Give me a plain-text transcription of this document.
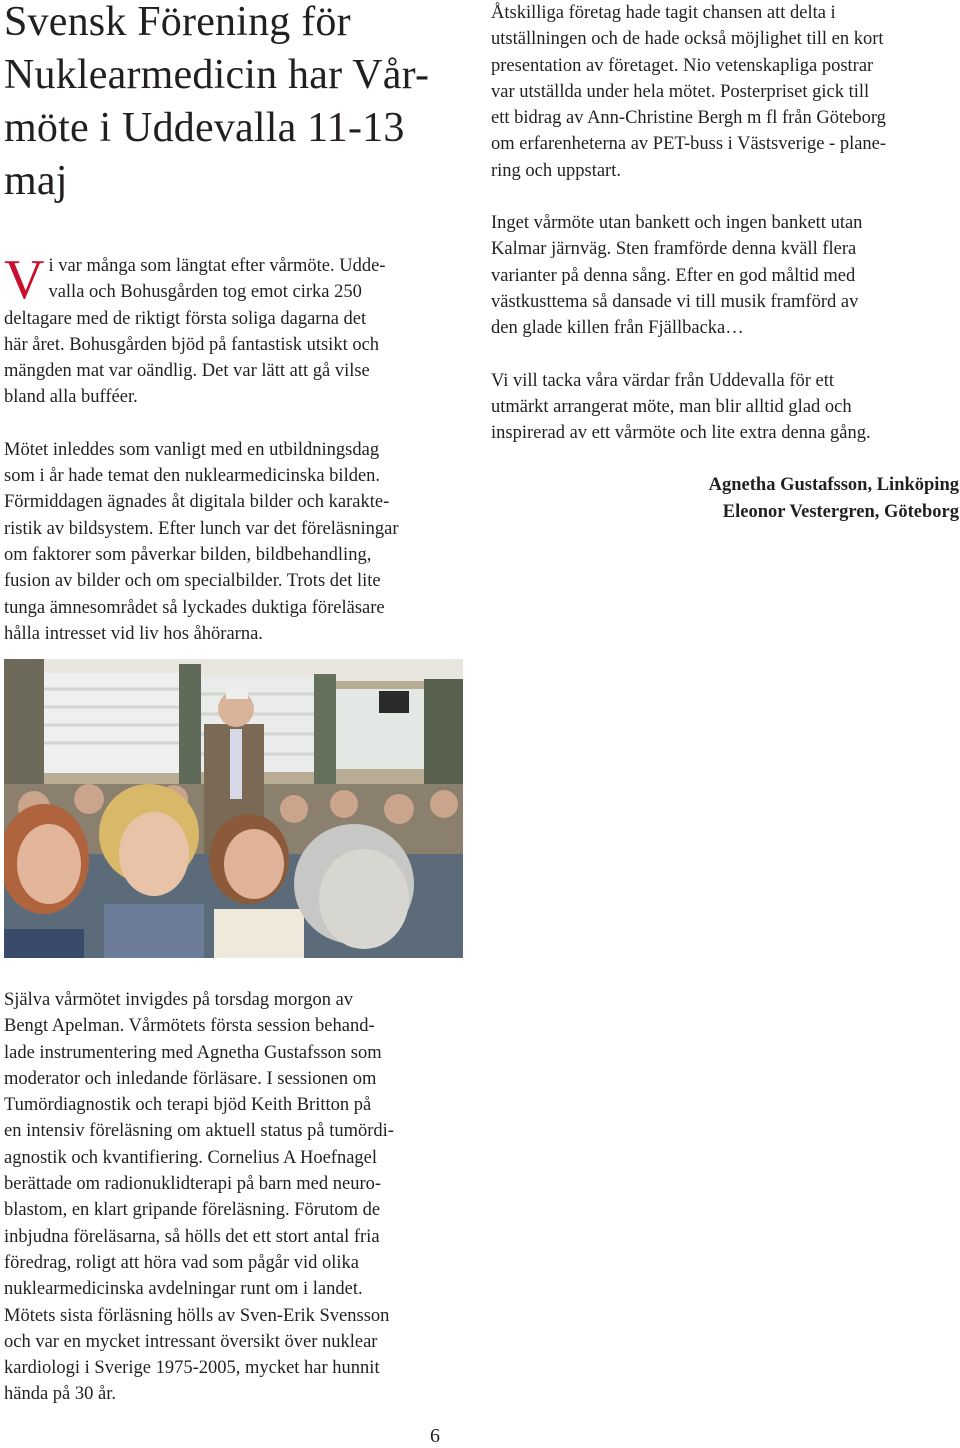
Svensk Förening för Nuklearmedicin har Vår-möte i Uddevalla 11-13 maj

V i var många som längtat efter vårmöte. Udde-
valla och Bohusgården tog emot cirka 250
deltagare med de riktigt första soliga dagarna det
här året. Bohusgården bjöd på fantastisk utsikt och
mängden mat var oändlig. Det var lätt att gå vilse
bland alla bufféer.

Mötet inleddes som vanligt med en utbildningsdag
som i år hade temat den nuklearmedicinska bilden.
Förmiddagen ägnades åt digitala bilder och karakte-
ristik av bildsystem. Efter lunch var det föreläsningar
om faktorer som påverkar bilden, bildbehandling,
fusion av bilder och om specialbilder. Trots det lite
tunga ämnesområdet så lyckades duktiga föreläsare
hålla intresset vid liv hos åhörarna.

Själva vårmötet invigdes på torsdag morgon av
Bengt Apelman. Vårmötets första session behand-
lade instrumentering med Agnetha Gustafsson som
moderator och inledande förläsare. I sessionen om
Tumördiagnostik och terapi bjöd Keith Britton på
en intensiv föreläsning om aktuell status på tumördi-
agnostik och kvantifiering. Cornelius A Hoefnagel
berättade om radionuklidterapi på barn med neuro-
blastom, en klart gripande föreläsning. Förutom de
inbjudna föreläsarna, så hölls det ett stort antal fria
föredrag, roligt att höra vad som pågår vid olika
nuklearmedicinska avdelningar runt om i landet.
Mötets sista förläsning hölls av Sven-Erik Svensson
och var en mycket intressant översikt över nuklear
kardiologi i Sverige 1975-2005, mycket har hunnit
hända på 30 år.

Åtskilliga företag hade tagit chansen att delta i
utställningen och de hade också möjlighet till en kort
presentation av företaget. Nio vetenskapliga postrar
var utställda under hela mötet. Posterpriset gick till
ett bidrag av Ann-Christine Bergh m fl från Göteborg
om erfarenheterna av PET-buss i Västsverige - plane-
ring och uppstart.

Inget vårmöte utan bankett och ingen bankett utan
Kalmar järnväg. Sten framförde denna kväll flera
varianter på denna sång. Efter en god måltid med
västkusttema så dansade vi till musik framförd av
den glade killen från Fjällbacka…

Vi vill tacka våra värdar från Uddevalla för ett
utmärkt arrangerat möte, man blir alltid glad och
inspirerad av ett vårmöte och lite extra denna gång.

Agnetha Gustafsson, Linköping
Eleonor Vestergren, Göteborg

6
